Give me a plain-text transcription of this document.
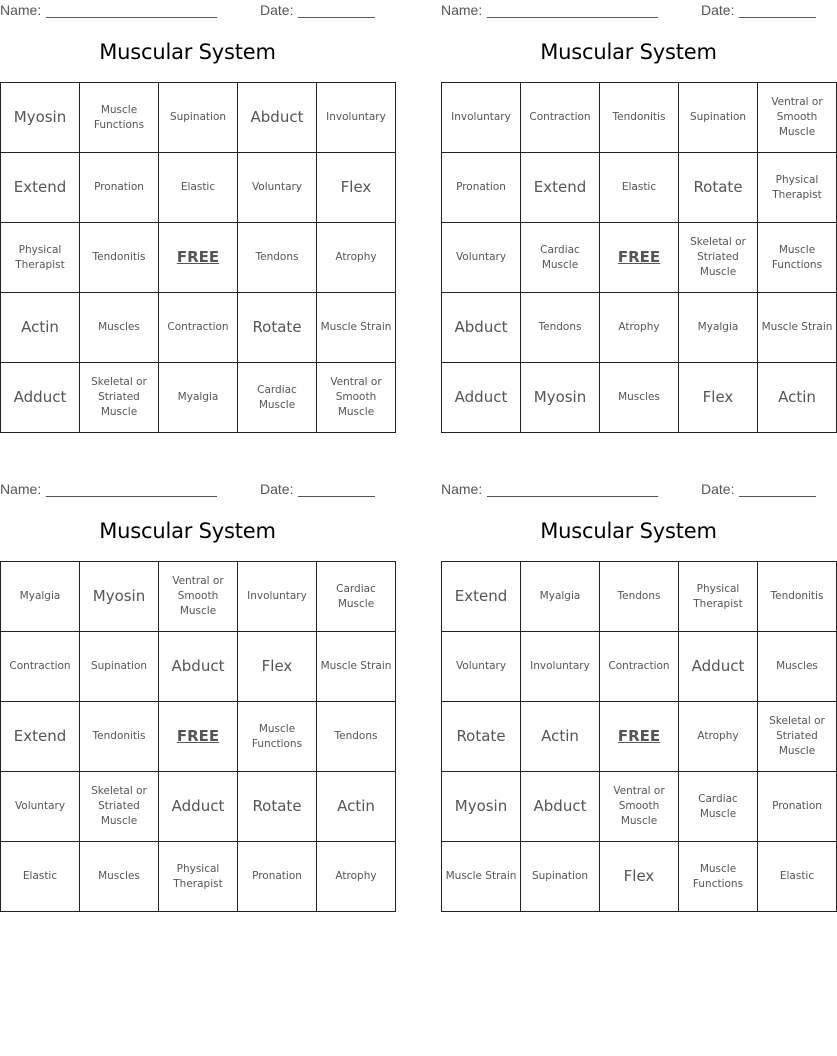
Name:	Date:
Muscular System
Myosin	Muscle Functions	Supination	Abduct	Involuntary
Extend	Pronation	Elastic	Voluntary	Flex
Physical Therapist	Tendonitis	FREE	Tendons	Atrophy
Actin	Muscles	Contraction	Rotate	Muscle Strain
Adduct	Skeletal or Striated Muscle	Myalgia	Cardiac Muscle	Ventral or Smooth Muscle
Name:	Date:
Muscular System
Involuntary	Contraction	Tendonitis	Supination	Ventral or Smooth Muscle
Pronation	Extend	Elastic	Rotate	Physical Therapist
Voluntary	Cardiac Muscle	FREE	Skeletal or Striated Muscle	Muscle Functions
Abduct	Tendons	Atrophy	Myalgia	Muscle Strain
Adduct	Myosin	Muscles	Flex	Actin
Name:	Date:
Muscular System
Myalgia	Myosin	Ventral or Smooth Muscle	Involuntary	Cardiac Muscle
Contraction	Supination	Abduct	Flex	Muscle Strain
Extend	Tendonitis	FREE	Muscle Functions	Tendons
Voluntary	Skeletal or Striated Muscle	Adduct	Rotate	Actin
Elastic	Muscles	Physical Therapist	Pronation	Atrophy
Name:	Date:
Muscular System
Extend	Myalgia	Tendons	Physical Therapist	Tendonitis
Voluntary	Involuntary	Contraction	Adduct	Muscles
Rotate	Actin	FREE	Atrophy	Skeletal or Striated Muscle
Myosin	Abduct	Ventral or Smooth Muscle	Cardiac Muscle	Pronation
Muscle Strain	Supination	Flex	Muscle Functions	Elastic
